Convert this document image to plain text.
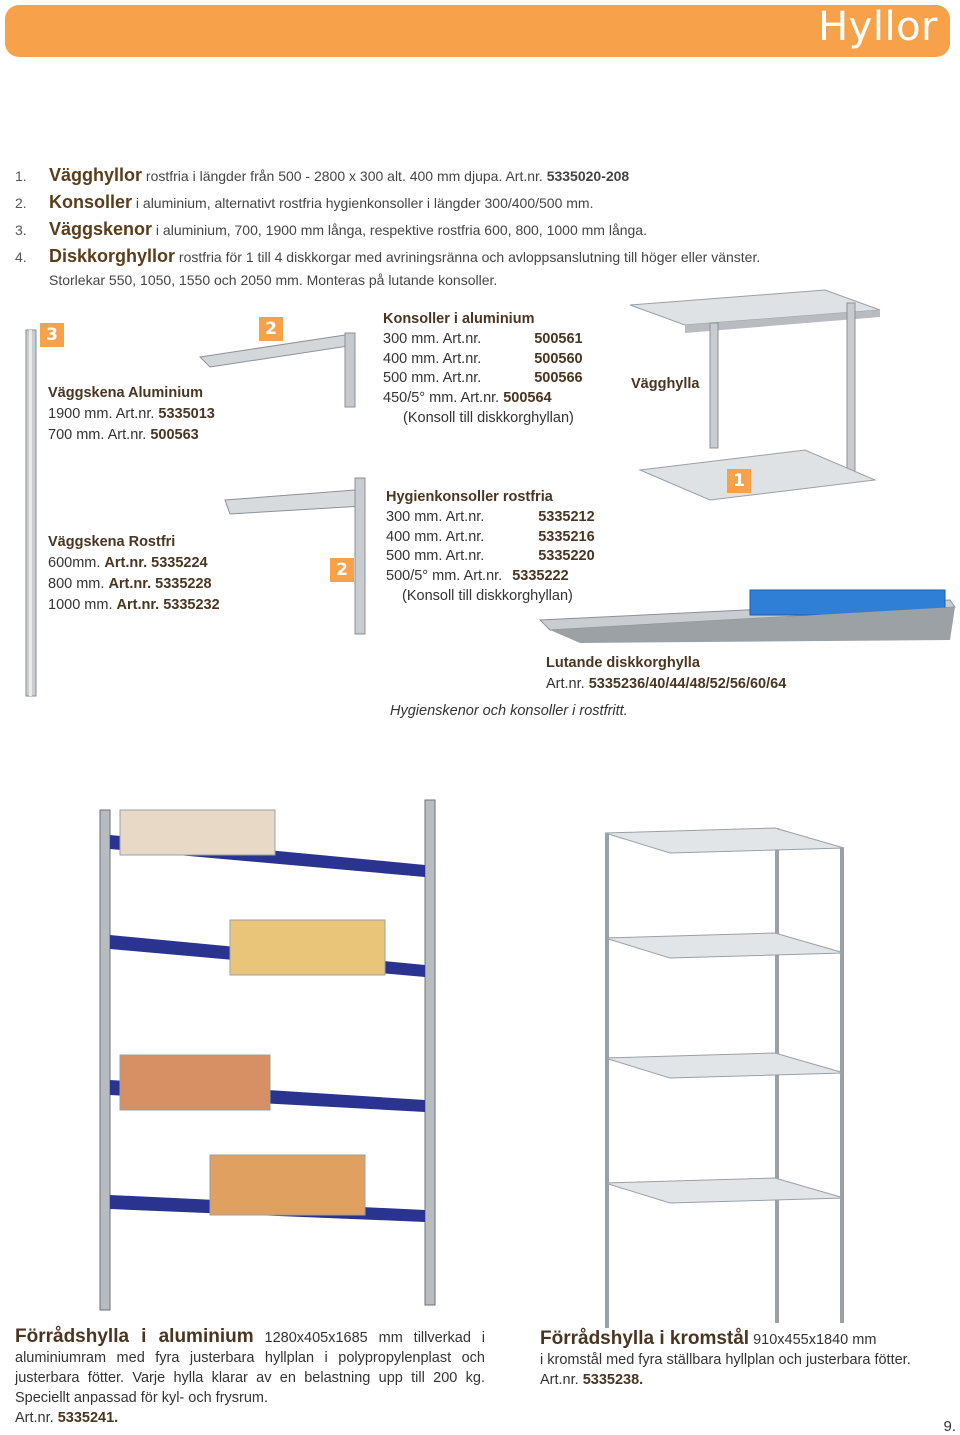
Hyllor
1. Vägghyllor rostfria i längder från 500 - 2800 x 300 alt. 400 mm djupa. Art.nr. 5335020-208
2. Konsoller i aluminium, alternativt rostfria hygienkonsoller i längder 300/400/500 mm.
3. Väggskenor i aluminium, 700, 1900 mm långa, respektive rostfria 600, 800, 1000 mm långa.
4. Diskkorghyllor rostfria för 1 till 4 diskkorgar med avriningsränna och avloppsanslutning till höger eller vänster.
Storlekar 550, 1050, 1550 och 2050 mm. Monteras på lutande konsoller.
3
Väggskena Aluminium
1900 mm. Art.nr. 5335013
700 mm. Art.nr. 500563
2	Konsoller i aluminium
300 mm. Art.nr.	500561
400 mm. Art.nr.	500560
500 mm. Art.nr.	500566
450/5° mm. Art.nr.	500564
(Konsoll till diskkorghyllan)
Vägghylla
1
Väggskena Rostfri
600mm. Art.nr. 5335224
800 mm. Art.nr. 5335228
1000 mm. Art.nr. 5335232
2
Hygienkonsoller rostfria
300 mm. Art.nr.	5335212
400 mm. Art.nr.	5335216
500 mm. Art.nr.	5335220
500/5° mm. Art.nr.	5335222
(Konsoll till diskkorghyllan)
Lutande diskkorghylla
Art.nr. 5335236/40/44/48/52/56/60/64
Hygienskenor och konsoller i rostfritt.
Förrådshylla i aluminium 1280x405x1685 mm tillverkad i aluminiumram med fyra justerbara hyllplan i polypropylenplast och justerbara fötter. Varje hylla klarar av en belastning upp till 200 kg. Speciellt anpassad för kyl- och frysrum.
Art.nr. 5335241.
Förrådshylla i kromstål 910x455x1840 mm
i kromstål med fyra ställbara hyllplan och justerbara fötter.
Art.nr. 5335238.
9.
